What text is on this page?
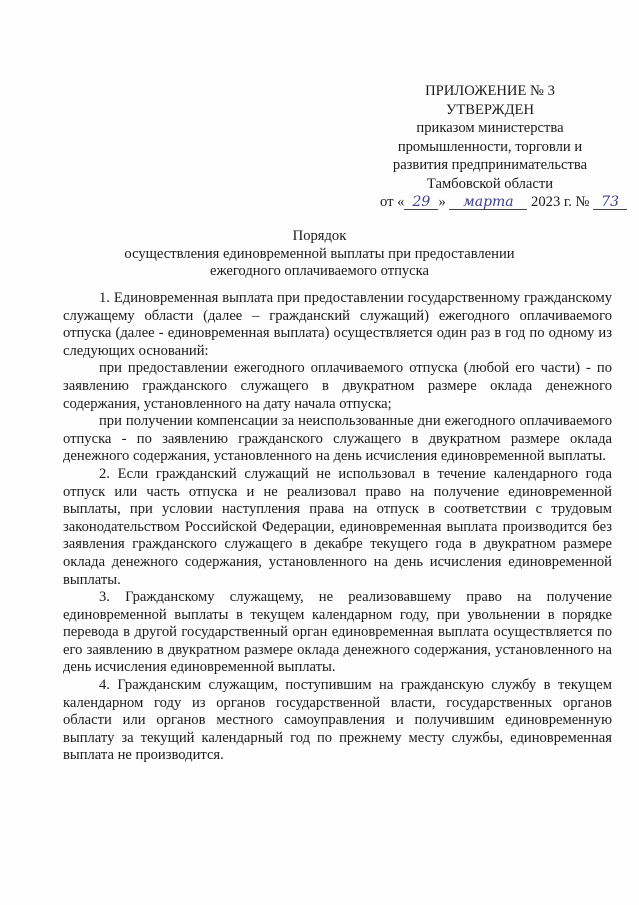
ПРИЛОЖЕНИЕ № 3
УТВЕРЖДЕН
приказом министерства
промышленности, торговли и
развития предпринимательства
Тамбовской области
от « 29 » марта 2023 г. № 73
Порядок
осуществления единовременной выплаты при предоставлении
ежегодного оплачиваемого отпуска

1. Единовременная выплата при предоставлении государственному гражданскому служащему области (далее – гражданский служащий) ежегодного оплачиваемого отпуска (далее - единовременная выплата) осуществляется один раз в год по одному из следующих оснований:

при предоставлении ежегодного оплачиваемого отпуска (любой его части) - по заявлению гражданского служащего в двукратном размере оклада денежного содержания, установленного на дату начала отпуска;

при получении компенсации за неиспользованные дни ежегодного оплачиваемого отпуска - по заявлению гражданского служащего в двукратном размере оклада денежного содержания, установленного на день исчисления единовременной выплаты.

2. Если гражданский служащий не использовал в течение календарного года отпуск или часть отпуска и не реализовал право на получение единовременной выплаты, при условии наступления права на отпуск в соответствии с трудовым законодательством Российской Федерации, единовременная выплата производится без заявления гражданского служащего в декабре текущего года в двукратном размере оклада денежного содержания, установленного на день исчисления единовременной выплаты.

3. Гражданскому служащему, не реализовавшему право на получение единовременной выплаты в текущем календарном году, при увольнении в порядке перевода в другой государственный орган единовременная выплата осуществляется по его заявлению в двукратном размере оклада денежного содержания, установленного на день исчисления единовременной выплаты.

4. Гражданским служащим, поступившим на гражданскую службу в текущем календарном году из органов государственной власти, государственных органов области или органов местного самоуправления и получившим единовременную выплату за текущий календарный год по прежнему месту службы, единовременная выплата не производится.
